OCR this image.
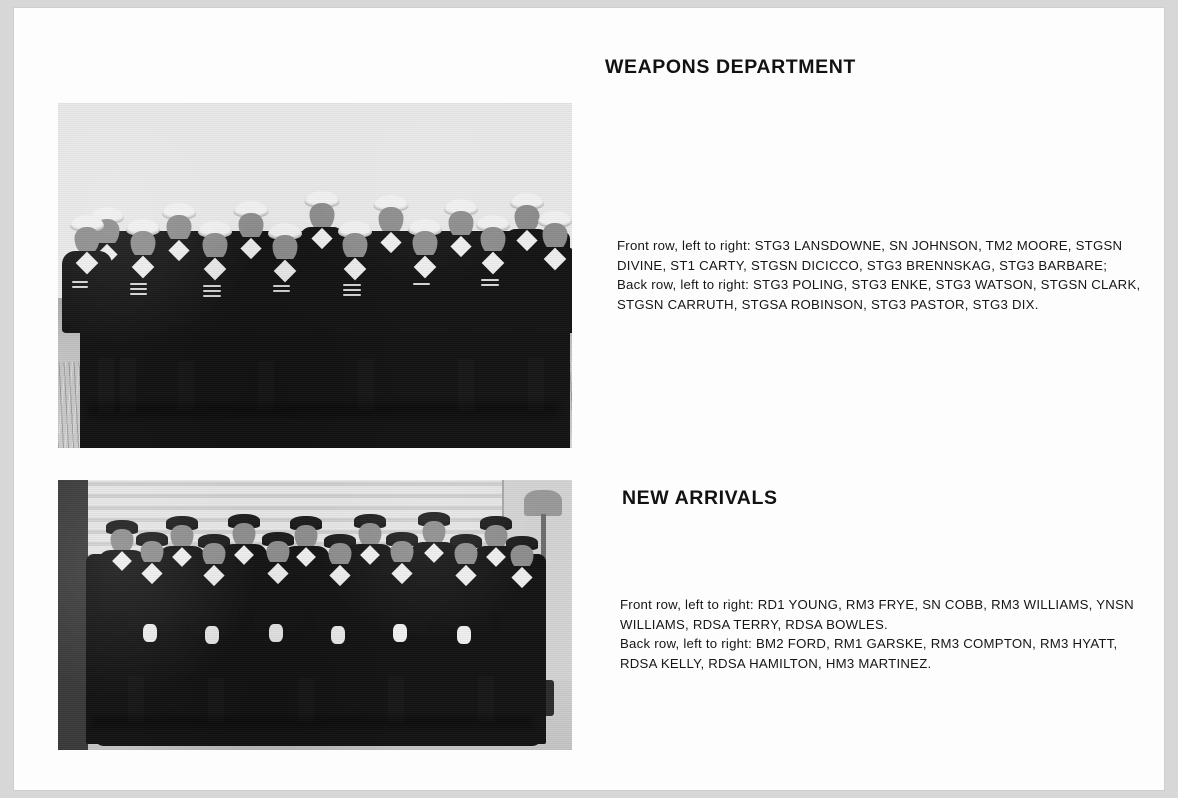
WEAPONS DEPARTMENT
Front row, left to right: STG3 LANSDOWNE, SN JOHNSON, TM2 MOORE, STGSN DIVINE, ST1 CARTY, STGSN DICICCO, STG3 BRENNSKAG, STG3 BARBARE;
Back row, left to right: STG3 POLING, STG3 ENKE, STG3 WATSON, STGSN CLARK, STGSN CARRUTH, STGSA ROBINSON, STG3 PASTOR, STG3 DIX.
NEW ARRIVALS
Front row, left to right: RD1 YOUNG, RM3 FRYE, SN COBB, RM3 WILLIAMS, YNSN WILLIAMS, RDSA TERRY, RDSA BOWLES.
Back row, left to right: BM2 FORD, RM1 GARSKE, RM3 COMPTON, RM3 HYATT, RDSA KELLY, RDSA HAMILTON, HM3 MARTINEZ.
